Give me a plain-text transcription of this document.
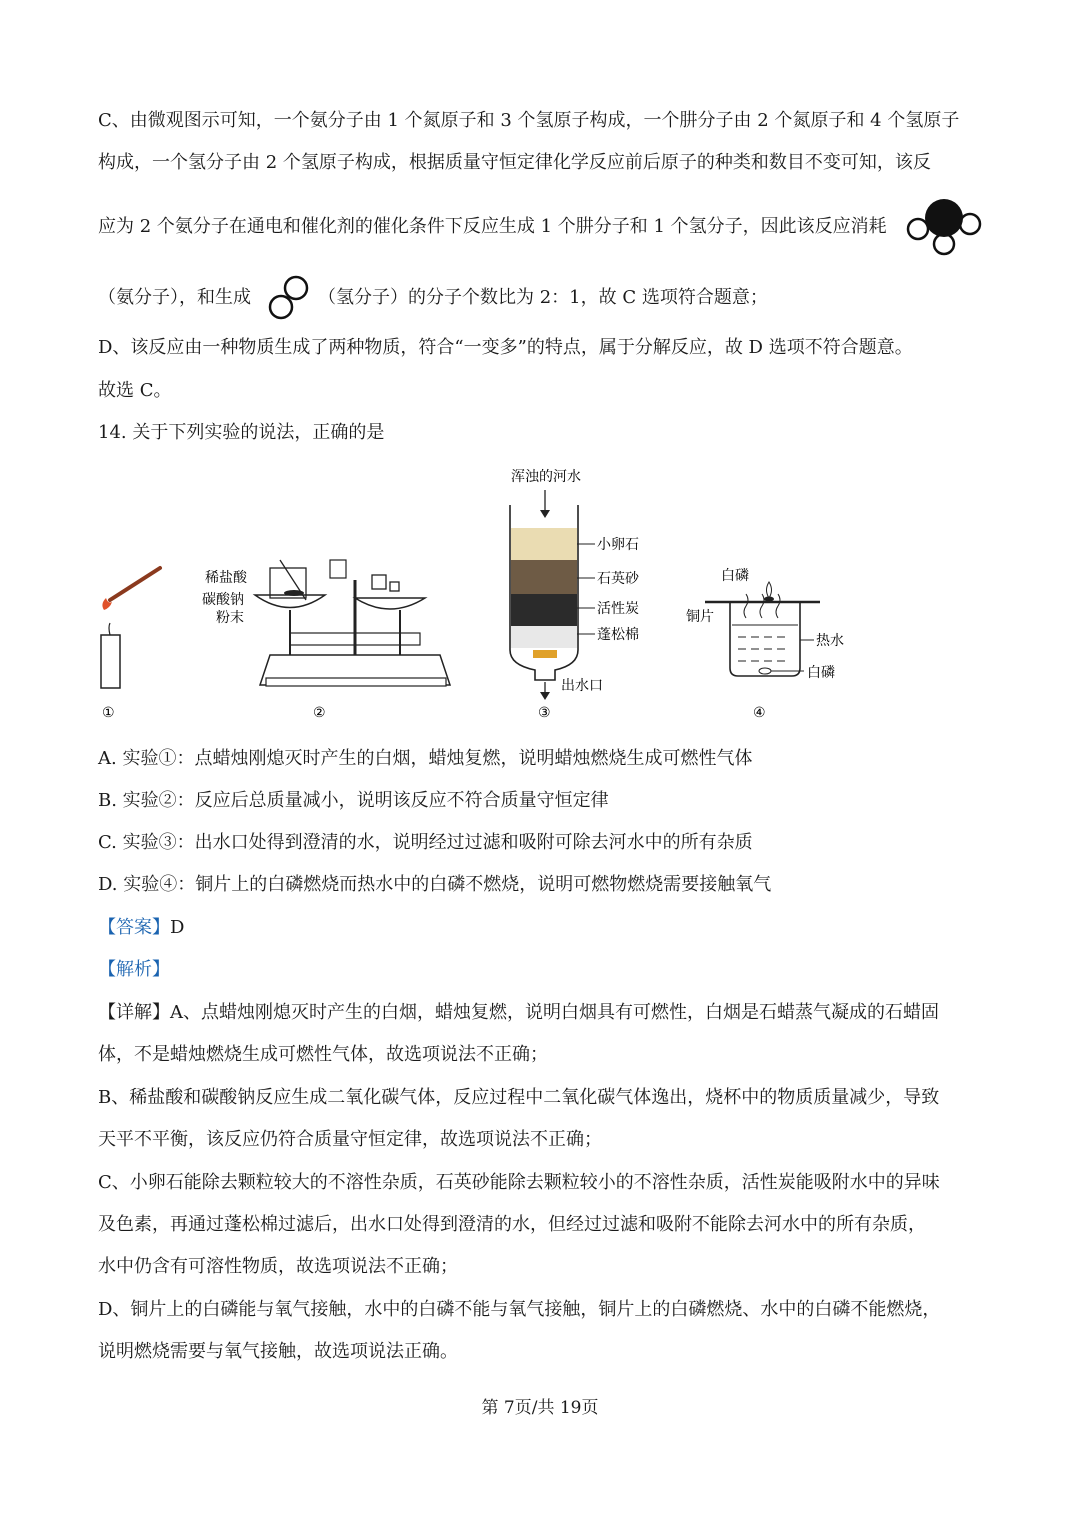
C、由微观图示可知，一个氨分子由 1 个氮原子和 3 个氢原子构成，一个肼分子由 2 个氮原子和 4 个氢原子
构成，一个氢分子由 2 个氢原子构成，根据质量守恒定律化学反应前后原子的种类和数目不变可知，该反
应为 2 个氨分子在通电和催化剂的催化条件下反应生成 1 个肼分子和 1 个氢分子，因此该反应消耗
（氨分子），和生成	（氢分子）的分子个数比为 2：1，故 C 选项符合题意；
D、该反应由一种物质生成了两种物质，符合“一变多”的特点，属于分解反应，故 D 选项不符合题意。
故选 C。
14. 关于下列实验的说法，正确的是
①
稀盐酸
碳酸钠
粉末
②
浑浊的河水
小卵石
石英砂
活性炭
蓬松棉
出水口
③
白磷
铜片
热水
白磷
④
A. 实验①：点蜡烛刚熄灭时产生的白烟，蜡烛复燃，说明蜡烛燃烧生成可燃性气体
B. 实验②：反应后总质量减小，说明该反应不符合质量守恒定律
C. 实验③：出水口处得到澄清的水，说明经过过滤和吸附可除去河水中的所有杂质
D. 实验④：铜片上的白磷燃烧而热水中的白磷不燃烧，说明可燃物燃烧需要接触氧气
【答案】D
【解析】
【详解】A、点蜡烛刚熄灭时产生的白烟，蜡烛复燃，说明白烟具有可燃性，白烟是石蜡蒸气凝成的石蜡固
体，不是蜡烛燃烧生成可燃性气体，故选项说法不正确；
B、稀盐酸和碳酸钠反应生成二氧化碳气体，反应过程中二氧化碳气体逸出，烧杯中的物质质量减少，导致
天平不平衡，该反应仍符合质量守恒定律，故选项说法不正确；
C、小卵石能除去颗粒较大的不溶性杂质，石英砂能除去颗粒较小的不溶性杂质，活性炭能吸附水中的异味
及色素，再通过蓬松棉过滤后，出水口处得到澄清的水，但经过过滤和吸附不能除去河水中的所有杂质，
水中仍含有可溶性物质，故选项说法不正确；
D、铜片上的白磷能与氧气接触，水中的白磷不能与氧气接触，铜片上的白磷燃烧、水中的白磷不能燃烧，
说明燃烧需要与氧气接触，故选项说法正确。
第 7页/共 19页
